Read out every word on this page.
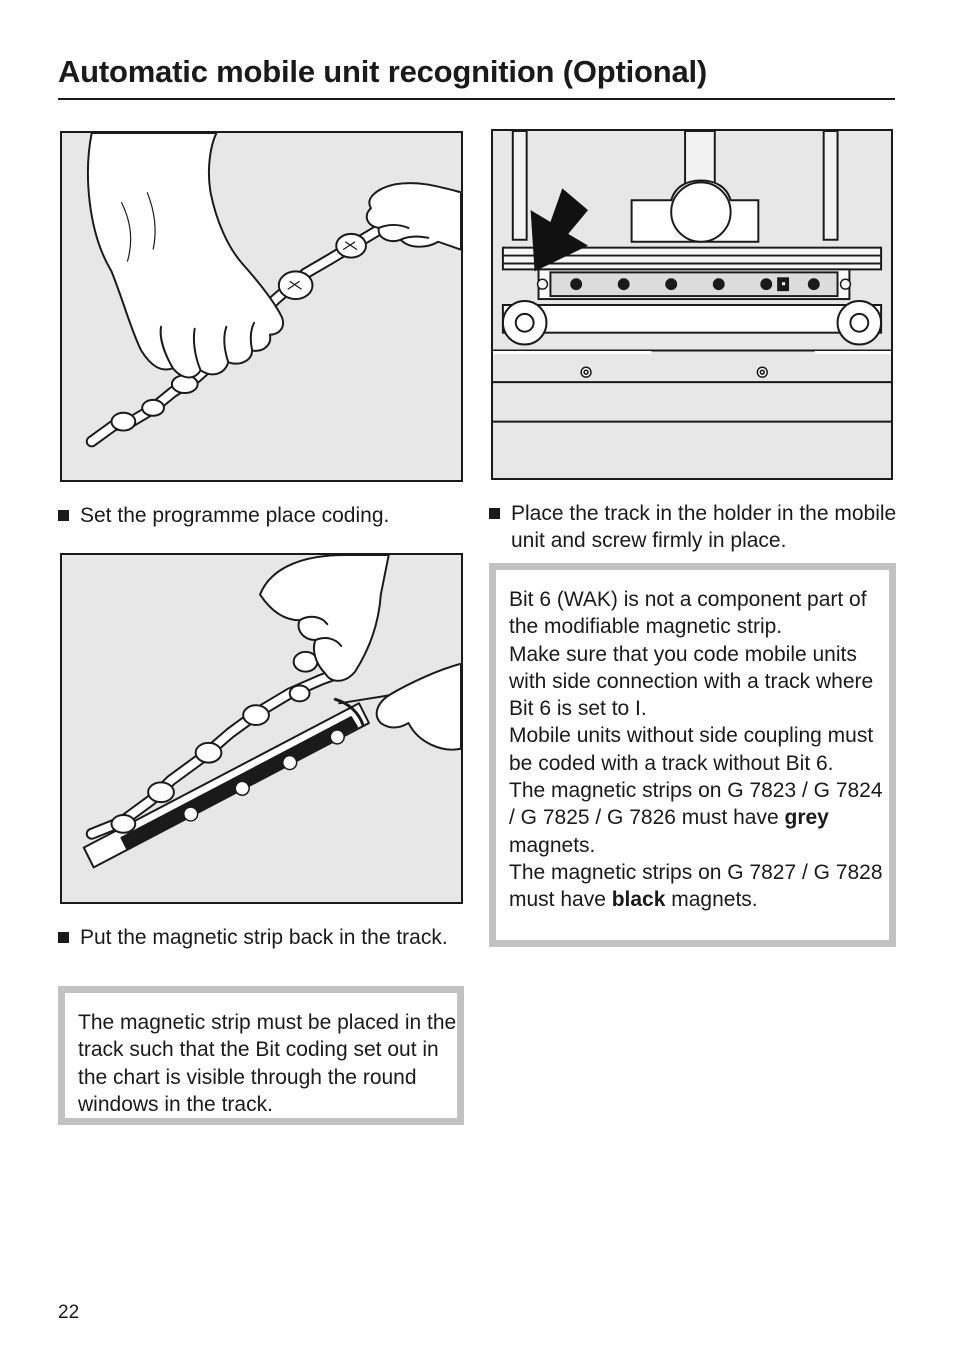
Automatic mobile unit recognition (Optional)

Set the programme place coding.	Place the track in the holder in the mobile unit and screw firmly in place.

Put the magnetic strip back in the track.

The magnetic strip must be placed in the track such that the Bit coding set out in the chart is visible through the round windows in the track.

Bit 6 (WAK) is not a component part of the modifiable magnetic strip.

Make sure that you code mobile units with side connection with a track where Bit 6 is set to I.

Mobile units without side coupling must be coded with a track without Bit 6.

The magnetic strips on G 7823 / G 7824 / G 7825 / G 7826 must have grey magnets.

The magnetic strips on G 7827 / G 7828 must have black magnets.

22
